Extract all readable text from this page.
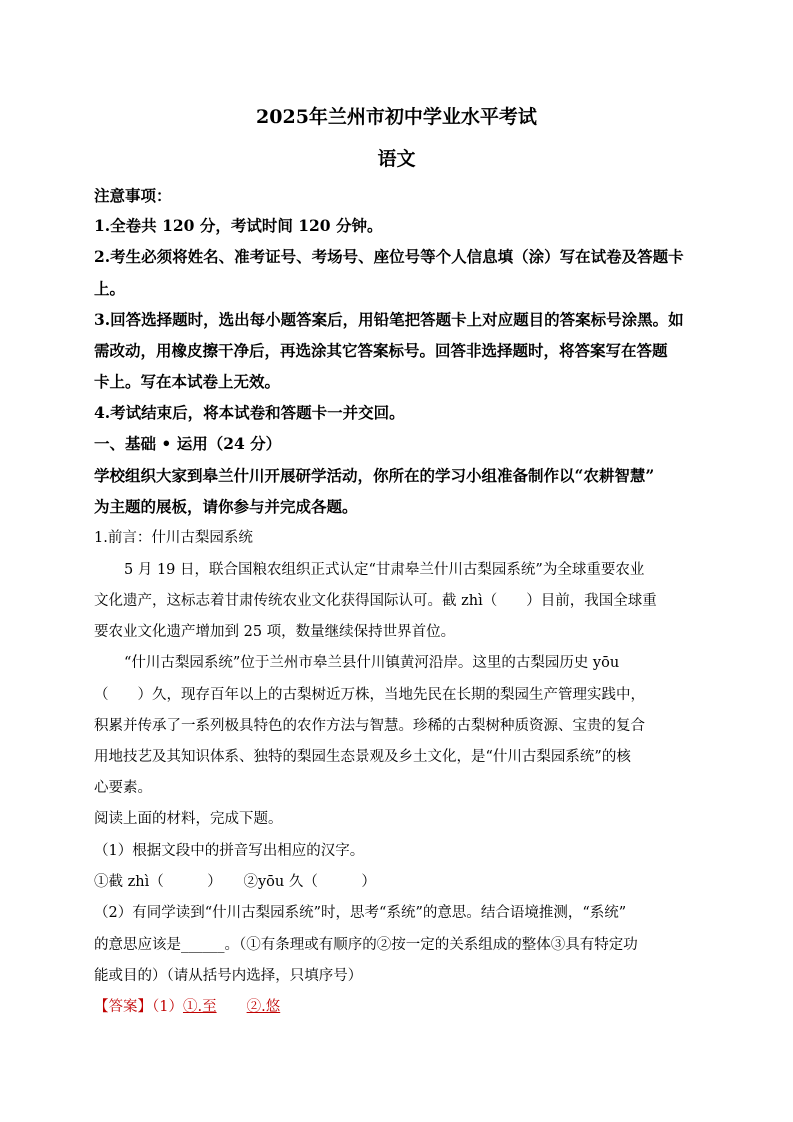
2025年兰州市初中学业水平考试
语文
注意事项：
1.全卷共 120 分，考试时间 120 分钟。
2.考生必须将姓名、准考证号、考场号、座位号等个人信息填（涂）写在试卷及答题卡
上。
3.回答选择题时，选出每小题答案后，用铅笔把答题卡上对应题目的答案标号涂黑。如
需改动，用橡皮擦干净后，再选涂其它答案标号。回答非选择题时，将答案写在答题
卡上。写在本试卷上无效。
4.考试结束后，将本试卷和答题卡一并交回。
一、基础 • 运用（24 分）
学校组织大家到皋兰什川开展研学活动，你所在的学习小组准备制作以“农耕智慧”
为主题的展板，请你参与并完成各题。
1.前言：什川古梨园系统
5 月 19 日，联合国粮农组织正式认定“甘肃皋兰什川古梨园系统”为全球重要农业
文化遗产，这标志着甘肃传统农业文化获得国际认可。截 zhì（　　）目前，我国全球重
要农业文化遗产增加到 25 项，数量继续保持世界首位。
“什川古梨园系统”位于兰州市皋兰县什川镇黄河沿岸。这里的古梨园历史 yōu
（　　）久，现存百年以上的古梨树近万株，当地先民在长期的梨园生产管理实践中，
积累并传承了一系列极具特色的农作方法与智慧。珍稀的古梨树种质资源、宝贵的复合
用地技艺及其知识体系、独特的梨园生态景观及乡土文化，是“什川古梨园系统”的核
心要素。
阅读上面的材料，完成下题。
（1）根据文段中的拼音写出相应的汉字。
①截 zhì（　　　）　　②yōu 久（　　　）
（2）有同学读到“什川古梨园系统”时，思考“系统”的意思。结合语境推测，“系统”
的意思应该是______。（①有条理或有顺序的②按一定的关系组成的整体③具有特定功
能或目的）（请从括号内选择，只填序号）
【答案】（1）①.至 ②.悠
